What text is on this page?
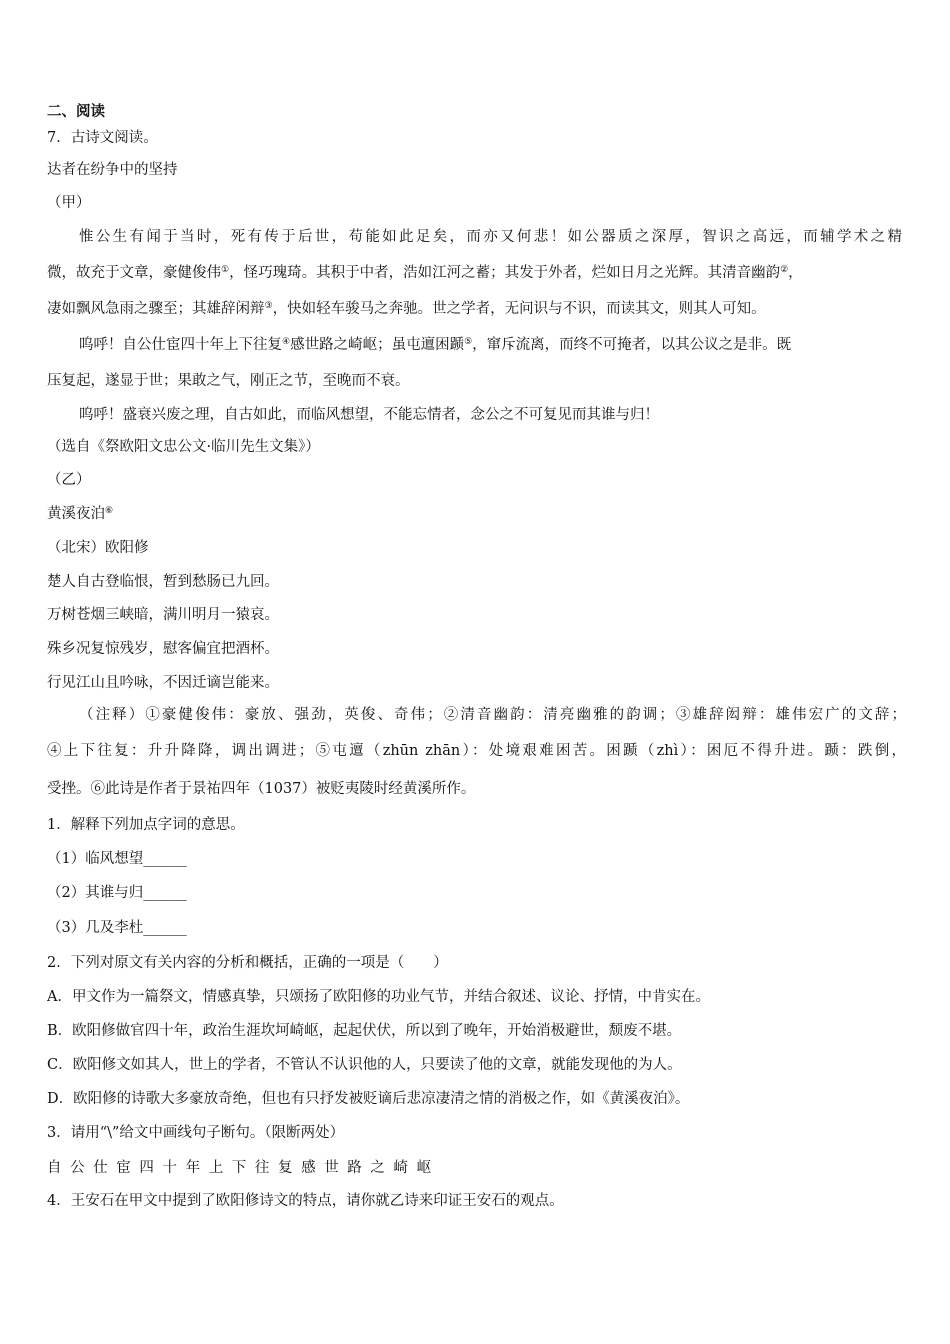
二、阅读
7．古诗文阅读。
达者在纷争中的坚持
（甲）
惟公生有闻于当时，死有传于后世，苟能如此足矣，而亦又何悲！如公器质之深厚，智识之高远，而辅学术之精
微，故充于文章，豪健俊伟①，怪巧瑰琦。其积于中者，浩如江河之蓄；其发于外者，烂如日月之光辉。其清音幽韵②，
凄如飘风急雨之骤至；其雄辞闲辩③，快如轻车骏马之奔驰。世之学者，无问识与不识，而读其文，则其人可知。
呜呼！自公仕宦四十年上下往复④感世路之崎岖；虽屯邅困踬⑤，窜斥流离，而终不可掩者，以其公议之是非。既
压复起，遂显于世；果敢之气，刚正之节，至晚而不衰。
呜呼！盛衰兴废之理，自古如此，而临风想望，不能忘情者，念公之不可复见而其谁与归！
（选自《祭欧阳文忠公文·临川先生文集》）
（乙）
黄溪夜泊⑥
（北宋）欧阳修
楚人自古登临恨，暂到愁肠已九回。
万树苍烟三峡暗，满川明月一猿哀。
殊乡况复惊残岁，慰客偏宜把酒杯。
行见江山且吟咏，不因迁谪岂能来。
（注释）①豪健俊伟：豪放、强劲，英俊、奇伟；②清音幽韵：清亮幽雅的韵调；③雄辞闳辩：雄伟宏广的文辞；
④上下往复：升升降降，调出调进；⑤屯邅（zhūn zhān）：处境艰难困苦。困踬（zhì）：困厄不得升进。踬：跌倒，
受挫。⑥此诗是作者于景祐四年（1037）被贬夷陵时经黄溪所作。
1．解释下列加点字词的意思。
（1）临风想望______
（2）其谁与归______
（3）几及李杜______
2．下列对原文有关内容的分析和概括，正确的一项是（　　）
A．甲文作为一篇祭文，情感真挚，只颂扬了欧阳修的功业气节，并结合叙述、议论、抒情，中肯实在。
B．欧阳修做官四十年，政治生涯坎坷崎岖，起起伏伏，所以到了晚年，开始消极避世，颓废不堪。
C．欧阳修文如其人，世上的学者，不管认不认识他的人，只要读了他的文章，就能发现他的为人。
D．欧阳修的诗歌大多豪放奇绝，但也有只抒发被贬谪后悲凉凄清之情的消极之作，如《黄溪夜泊》。
3．请用“\”给文中画线句子断句。（限断两处）
自公仕宦四十年上下往复感世路之崎岖
4．王安石在甲文中提到了欧阳修诗文的特点，请你就乙诗来印证王安石的观点。
